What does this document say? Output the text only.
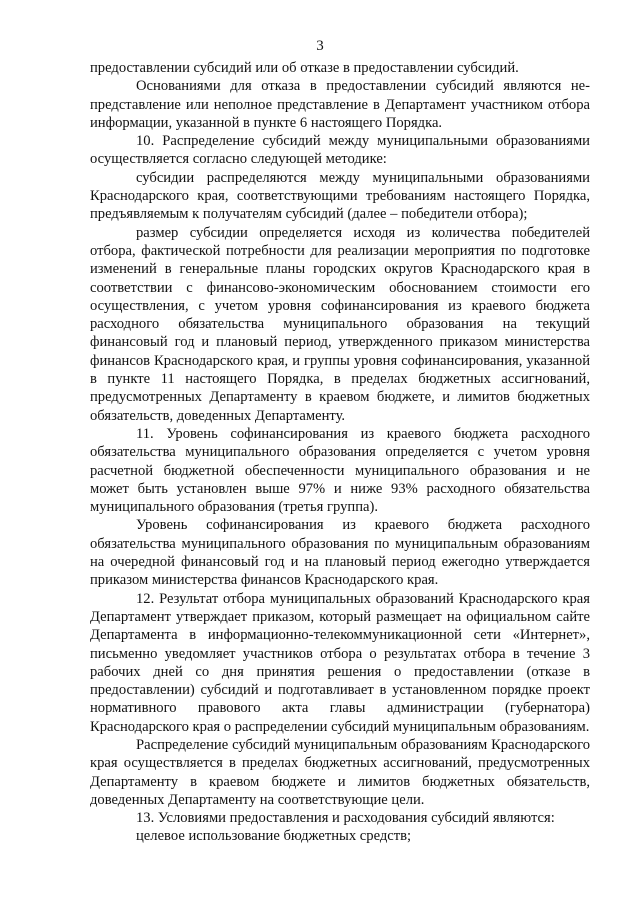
3

предоставлении субсидий или об отказе в предоставлении субсидий.

Основаниями для отказа в предоставлении субсидий являются не-представление или неполное представление в Департамент участником отбора информации, указанной в пункте 6 настоящего Порядка.

10. Распределение субсидий между муниципальными образованиями осуществляется согласно следующей методике:

субсидии распределяются между муниципальными образованиями Краснодарского края, соответствующими требованиям настоящего Порядка, предъявляемым к получателям субсидий (далее – победители отбора);

размер субсидии определяется исходя из количества победителей отбора, фактической потребности для реализации мероприятия по подготовке изменений в генеральные планы городских округов Краснодарского края в соответствии с финансово-экономическим обоснованием стоимости его осуществления, с учетом уровня софинансирования из краевого бюджета расходного обязательства муниципального образования на текущий финансовый год и плановый период, утвержденного приказом министерства финансов Краснодарского края, и группы уровня софинансирования, указанной в пункте 11 настоящего Порядка, в пределах бюджетных ассигнований, предусмотренных Департаменту в краевом бюджете, и лимитов бюджетных обязательств, доведенных Департаменту.

11. Уровень софинансирования из краевого бюджета расходного обязательства муниципального образования определяется с учетом уровня расчетной бюджетной обеспеченности муниципального образования и не может быть установлен выше 97% и ниже 93% расходного обязательства муниципального образования (третья группа).

Уровень софинансирования из краевого бюджета расходного обязательства муниципального образования по муниципальным образованиям на очередной финансовый год и на плановый период ежегодно утверждается приказом министерства финансов Краснодарского края.

12. Результат отбора муниципальных образований Краснодарского края Департамент утверждает приказом, который размещает на официальном сайте Департамента в информационно-телекоммуникационной сети «Интернет», письменно уведомляет участников отбора о результатах отбора в течение 3 рабочих дней со дня принятия решения о предоставлении (отказе в предоставлении) субсидий и подготавливает в установленном порядке проект нормативного правового акта главы администрации (губернатора) Краснодарского края о распределении субсидий муниципальным образованиям.

Распределение субсидий муниципальным образованиям Краснодарского края осуществляется в пределах бюджетных ассигнований, предусмотренных Департаменту в краевом бюджете и лимитов бюджетных обязательств, доведенных Департаменту на соответствующие цели.

13. Условиями предоставления и расходования субсидий являются:

целевое использование бюджетных средств;
